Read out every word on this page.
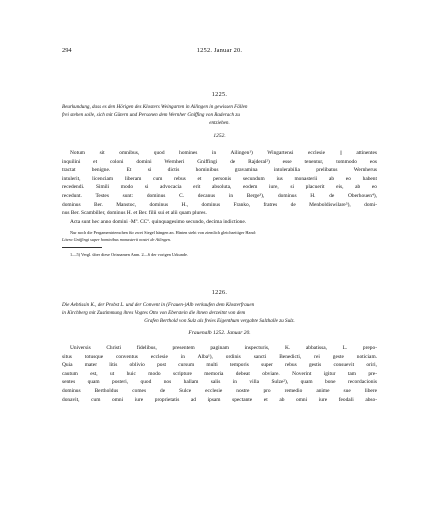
294	1252. Januar 20.
1225.
Beurkundung, dass es den Hörigen des Klosters Weingarten in Ailingen in gewissen Fällen
frei stehen solle, sich mit Gütern und Personen dem Wernher Gniffing von Raderach zu
entziehen.
1252.
Notum sit omnibus, quod homines in Ailingen¹) Wingartensi ecclesie || attinentes
inquilini et coloni domini Wernheri Gniffingi de Rajderal²) esse tenentur, tommodo eos
tractat benigne. Et si dictis hominibus gravamina intolerabilia prelibatus Wernherus
intulerit, licenciam liberam cum rebus et personis secundum ius monasterii ab eo habent
recedendi. Simili modo si advocacia erit absoluta, eodem iure, si placuerit eis, ab eo
recedunt. Testes sunt: dominus C. decanus in Berge³), dominus H. de Oberhouen⁴),
dominus Ber. Manstoc, dominus H., dominus Franko, fratres de Menboldiswilare⁵), domi-
nus Ber. Scambiller, dominus H. et Ber. filii sui et alii quam plures.
Acta sunt hec anno domini ·Mº. CCº. quinquagesimo secundo, decima indictione.
Nur noch die Pergamentriemchen für zwei Siegel hängen an. Hinten steht von ziemlich gleichzeitiger Hand:
Litera Gniffingi super hominibus monasterii nostri de Ailingen.
1—5) Vergl. über diese Ortsnamen Anm. 2—6 der vorigen Urkunde.
1226.
Die Aebtissin K., der Probst L. und der Convent in (Frauen-)Alb verkaufen dem Klosterfrauen
in Kirchberg mit Zustimmung ihres Vogtes Otto von Eberstein die ihnen derzeitnt von dem
Grafen Berthold von Sulz als freies Eigenthum vergabte Salzhalle zu Sulz.
Frauenalb 1252. Januar 20.
Universis Christi fidelibus, presentem paginam inspecturis, K. abbatissa, L. prepo-
situs totusque conventus ecclesie in Alba¹), ordinis sancti Benedicti, rei geste noticiam.
Quia mater litis oblivio post cursum multi temporis super rebus gestis consuevit oriri,
cautum est, ut huic modo scripture memoria debeat obviare. Noverint igitur tam pre-
sentes quam posteri, quod nos hallam salis in villa Sulze²), quam bone recordacionis
dominus Bertholdus comes de Sulce ecclesie nostre pro remedio anime sue libere
donavit, cum omni iure proprietatis ad ipsam spectante et ab omni iure feodali abso-
